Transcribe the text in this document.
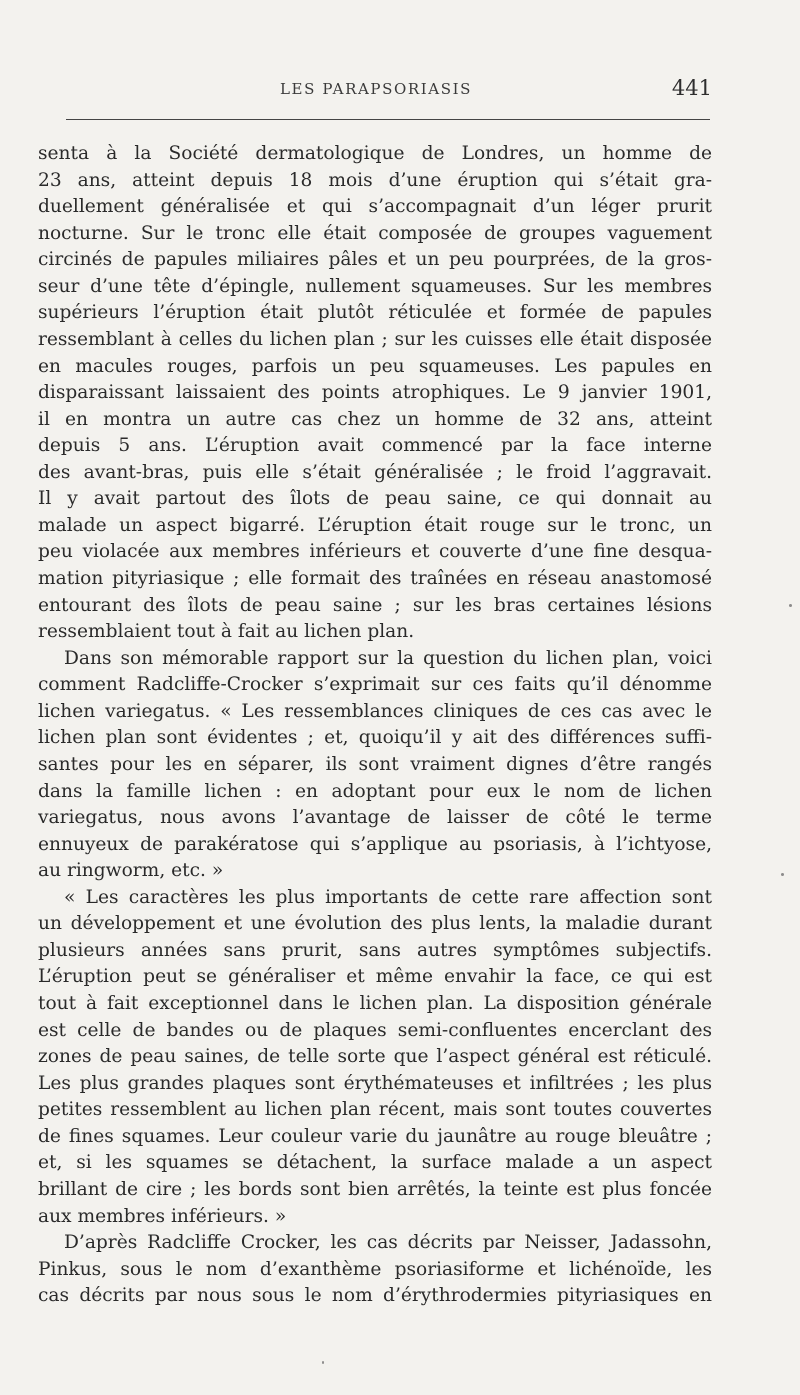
LES PARAPSORIASIS	441
senta à la Société dermatologique de Londres, un homme de
23 ans, atteint depuis 18 mois d’une éruption qui s’était gra-
duellement généralisée et qui s’accompagnait d’un léger prurit
nocturne. Sur le tronc elle était composée de groupes vaguement
circinés de papules miliaires pâles et un peu pourprées, de la gros-
seur d’une tête d’épingle, nullement squameuses. Sur les membres
supérieurs l’éruption était plutôt réticulée et formée de papules
ressemblant à celles du lichen plan ; sur les cuisses elle était disposée
en macules rouges, parfois un peu squameuses. Les papules en
disparaissant laissaient des points atrophiques. Le 9 janvier 1901,
il en montra un autre cas chez un homme de 32 ans, atteint
depuis 5 ans. L’éruption avait commencé par la face interne
des avant-bras, puis elle s’était généralisée ; le froid l’aggravait.
Il y avait partout des îlots de peau saine, ce qui donnait au
malade un aspect bigarré. L’éruption était rouge sur le tronc, un
peu violacée aux membres inférieurs et couverte d’une fine desqua-
mation pityriasique ; elle formait des traînées en réseau anastomosé
entourant des îlots de peau saine ; sur les bras certaines lésions
ressemblaient tout à fait au lichen plan.
Dans son mémorable rapport sur la question du lichen plan, voici
comment Radcliffe-Crocker s’exprimait sur ces faits qu’il dénomme
lichen variegatus. « Les ressemblances cliniques de ces cas avec le
lichen plan sont évidentes ; et, quoiqu’il y ait des différences suffi-
santes pour les en séparer, ils sont vraiment dignes d’être rangés
dans la famille lichen : en adoptant pour eux le nom de lichen
variegatus, nous avons l’avantage de laisser de côté le terme
ennuyeux de parakératose qui s’applique au psoriasis, à l’ichtyose,
au ringworm, etc. »
« Les caractères les plus importants de cette rare affection sont
un développement et une évolution des plus lents, la maladie durant
plusieurs années sans prurit, sans autres symptômes subjectifs.
L’éruption peut se généraliser et même envahir la face, ce qui est
tout à fait exceptionnel dans le lichen plan. La disposition générale
est celle de bandes ou de plaques semi-confluentes encerclant des
zones de peau saines, de telle sorte que l’aspect général est réticulé.
Les plus grandes plaques sont érythémateuses et infiltrées ; les plus
petites ressemblent au lichen plan récent, mais sont toutes couvertes
de fines squames. Leur couleur varie du jaunâtre au rouge bleuâtre ;
et, si les squames se détachent, la surface malade a un aspect
brillant de cire ; les bords sont bien arrêtés, la teinte est plus foncée
aux membres inférieurs. »
D’après Radcliffe Crocker, les cas décrits par Neisser, Jadassohn,
Pinkus, sous le nom d’exanthème psoriasiforme et lichénoïde, les
cas décrits par nous sous le nom d’érythrodermies pityriasiques en
